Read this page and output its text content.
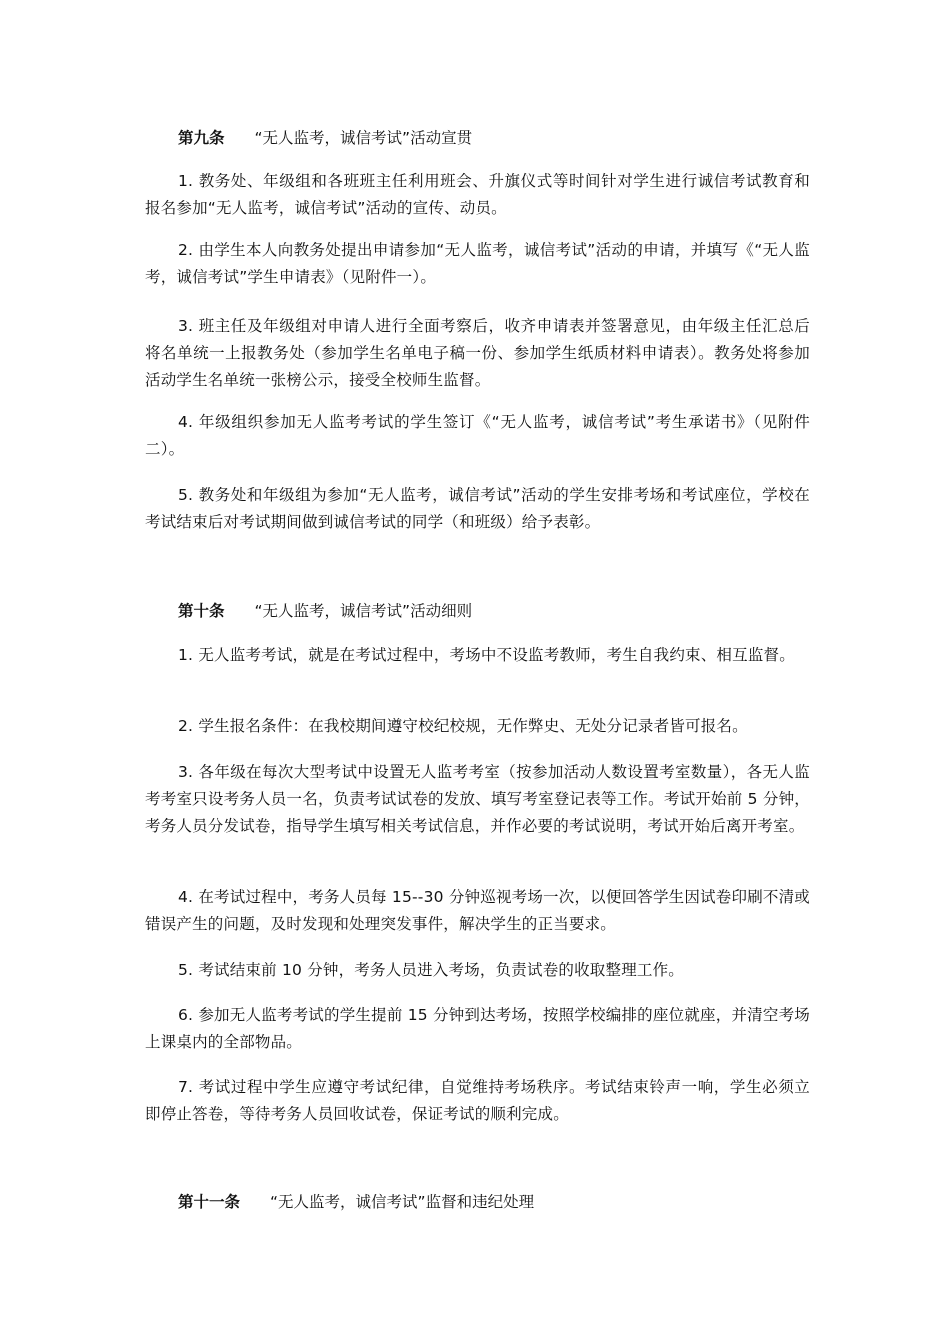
第九条 “无人监考，诚信考试”活动宣贯

1. 教务处、年级组和各班班主任利用班会、升旗仪式等时间针对学生进行诚信考试教育和报名参加“无人监考，诚信考试”活动的宣传、动员。

2. 由学生本人向教务处提出申请参加“无人监考，诚信考试”活动的申请，并填写《“无人监考，诚信考试”学生申请表》（见附件一）。

3. 班主任及年级组对申请人进行全面考察后，收齐申请表并签署意见，由年级主任汇总后将名单统一上报教务处（参加学生名单电子稿一份、参加学生纸质材料申请表）。教务处将参加活动学生名单统一张榜公示，接受全校师生监督。

4. 年级组织参加无人监考考试的学生签订《“无人监考，诚信考试”考生承诺书》（见附件二）。

5. 教务处和年级组为参加“无人监考，诚信考试”活动的学生安排考场和考试座位，学校在考试结束后对考试期间做到诚信考试的同学（和班级）给予表彰。

第十条 “无人监考，诚信考试”活动细则

1. 无人监考考试，就是在考试过程中，考场中不设监考教师，考生自我约束、相互监督。

2. 学生报名条件：在我校期间遵守校纪校规，无作弊史、无处分记录者皆可报名。

3. 各年级在每次大型考试中设置无人监考考室（按参加活动人数设置考室数量），各无人监考考室只设考务人员一名，负责考试试卷的发放、填写考室登记表等工作。考试开始前 5 分钟，考务人员分发试卷，指导学生填写相关考试信息，并作必要的考试说明，考试开始后离开考室。

4. 在考试过程中，考务人员每 15--30 分钟巡视考场一次，以便回答学生因试卷印刷不清或错误产生的问题，及时发现和处理突发事件，解决学生的正当要求。

5. 考试结束前 10 分钟，考务人员进入考场，负责试卷的收取整理工作。

6. 参加无人监考考试的学生提前 15 分钟到达考场，按照学校编排的座位就座，并清空考场上课桌内的全部物品。

7. 考试过程中学生应遵守考试纪律，自觉维持考场秩序。考试结束铃声一响，学生必须立即停止答卷，等待考务人员回收试卷，保证考试的顺利完成。

第十一条 “无人监考，诚信考试”监督和违纪处理
